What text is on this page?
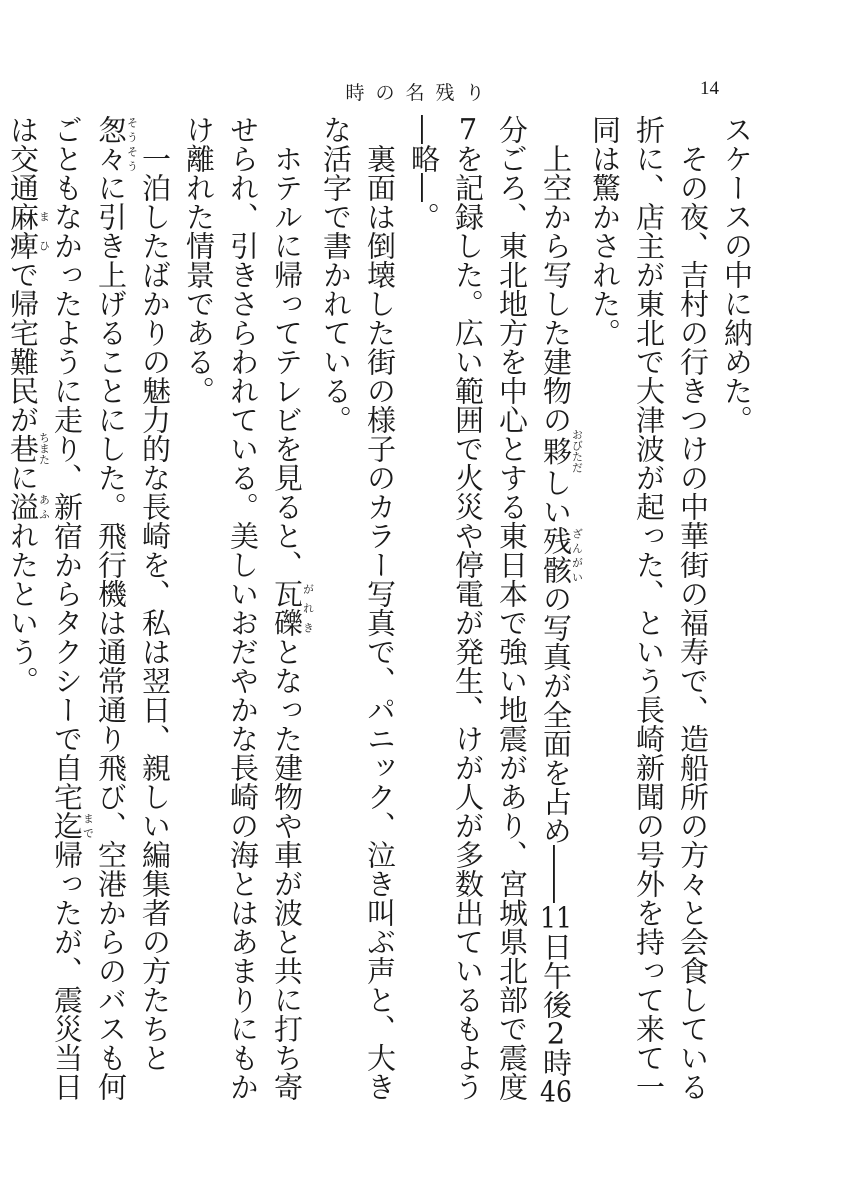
時の名残り	14

スケースの中に納めた。

その夜、吉村の行きつけの中華街の福寿で、造船所の方々と会食している折に、店主が東北で大津波が起った、という長崎新聞の号外を持って来て一同は驚かされた。

上空から写した建物の夥おびただしい残骸ざんがいの写真が全面を占め――11日午後2時46分ごろ、東北地方を中心とする東日本で強い地震があり、宮城県北部で震度7を記録した。広い範囲で火災や停電が発生、けが人が多数出ているもよう―略―。

裏面は倒壊した街の様子のカラー写真で、パニック、泣き叫ぶ声と、大きな活字で書かれている。

ホテルに帰ってテレビを見ると、瓦礫がれきとなった建物や車が波と共に打ち寄せられ、引きさらわれている。美しいおだやかな長崎の海とはあまりにもかけ離れた情景である。

一泊したばかりの魅力的な長崎を、私は翌日、親しい編集者の方たちと怱々そうそうに引き上げることにした。飛行機は通常通り飛び、空港からのバスも何ごともなかったように走り、新宿からタクシーで自宅迄まで帰ったが、震災当日は交通麻痺まひで帰宅難民が巷ちまたに溢あふれたという。
